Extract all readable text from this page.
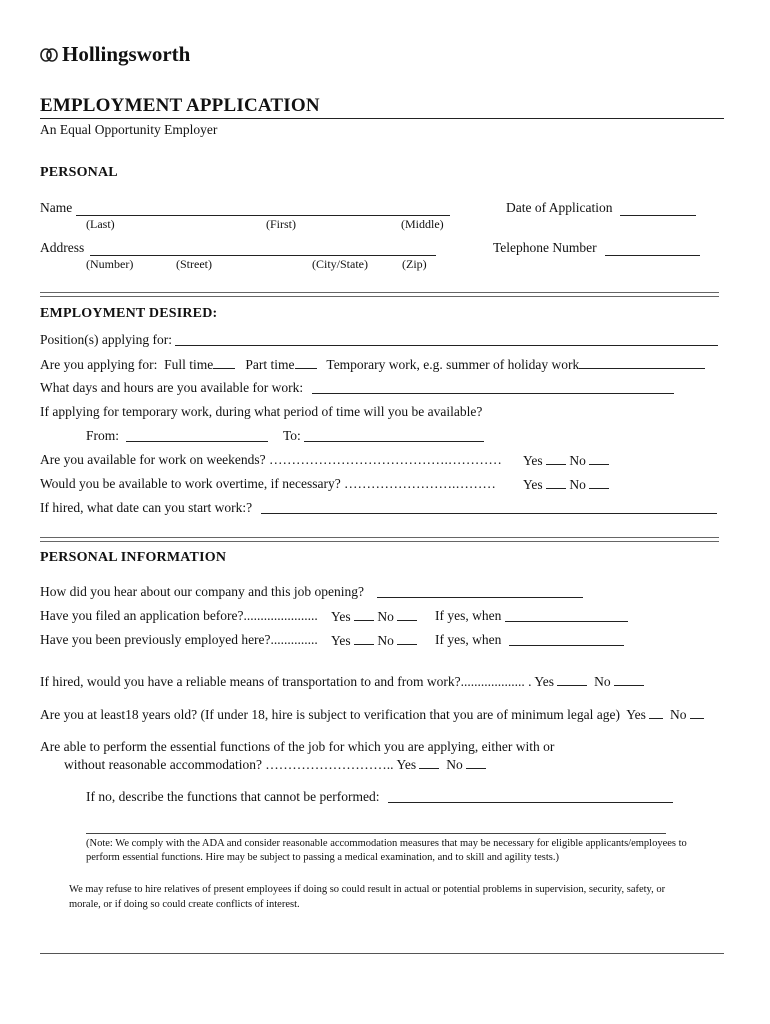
Hollingsworth
EMPLOYMENT APPLICATION
An Equal Opportunity Employer
PERSONAL
Name
(Last)	(First)	(Middle)
Date of Application
Address
(Number)	(Street)	(City/State)	(Zip)
Telephone Number
EMPLOYMENT DESIRED:
Position(s) applying for:
Are you applying for: Full time Part time Temporary work, e.g. summer of holiday work
What days and hours are you available for work:
If applying for temporary work, during what period of time will you be available?
From:	To:
Are you available for work on weekends? ………………………………….………… Yes No
Would you be available to work overtime, if necessary? …………………….……… Yes No
If hired, what date can you start work:?
PERSONAL INFORMATION
How did you hear about our company and this job opening?
Have you filed an application before?...................... Yes No	If yes, when
Have you been previously employed here?.............. Yes No	If yes, when
If hired, would you have a reliable means of transportation to and from work?................... . Yes	No
Are you at least18 years old? (If under 18, hire is subject to verification that you are of minimum legal age) Yes No
Are able to perform the essential functions of the job for which you are applying, either with or
without reasonable accommodation? ……………………….. Yes No
If no, describe the functions that cannot be performed:
(Note: We comply with the ADA and consider reasonable accommodation measures that may be necessary for eligible applicants/employees to
perform essential functions. Hire may be subject to passing a medical examination, and to skill and agility tests.)
We may refuse to hire relatives of present employees if doing so could result in actual or potential problems in supervision, security, safety, or
morale, or if doing so could create conflicts of interest.
